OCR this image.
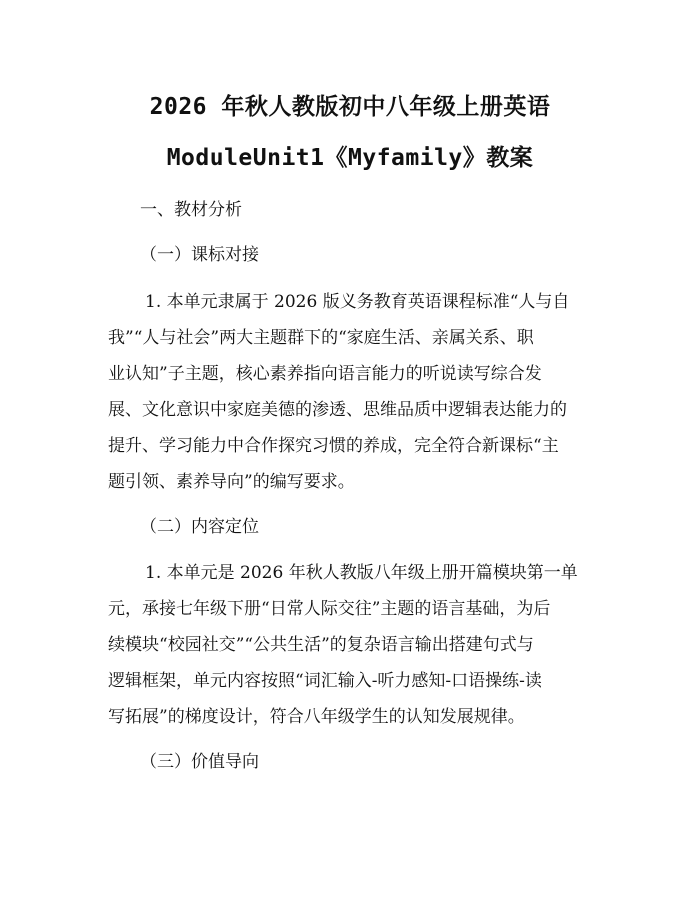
2026 年秋人教版初中八年级上册英语
ModuleUnit1《Myfamily》教案
一、教材分析
（一）课标对接
1. 本单元隶属于 2026 版义务教育英语课程标准“人与自
我”“人与社会”两大主题群下的“家庭生活、亲属关系、职
业认知”子主题，核心素养指向语言能力的听说读写综合发
展、文化意识中家庭美德的渗透、思维品质中逻辑表达能力的
提升、学习能力中合作探究习惯的养成，完全符合新课标“主
题引领、素养导向”的编写要求。
（二）内容定位
1. 本单元是 2026 年秋人教版八年级上册开篇模块第一单
元，承接七年级下册“日常人际交往”主题的语言基础，为后
续模块“校园社交”“公共生活”的复杂语言输出搭建句式与
逻辑框架，单元内容按照“词汇输入-听力感知-口语操练-读
写拓展”的梯度设计，符合八年级学生的认知发展规律。
（三）价值导向
